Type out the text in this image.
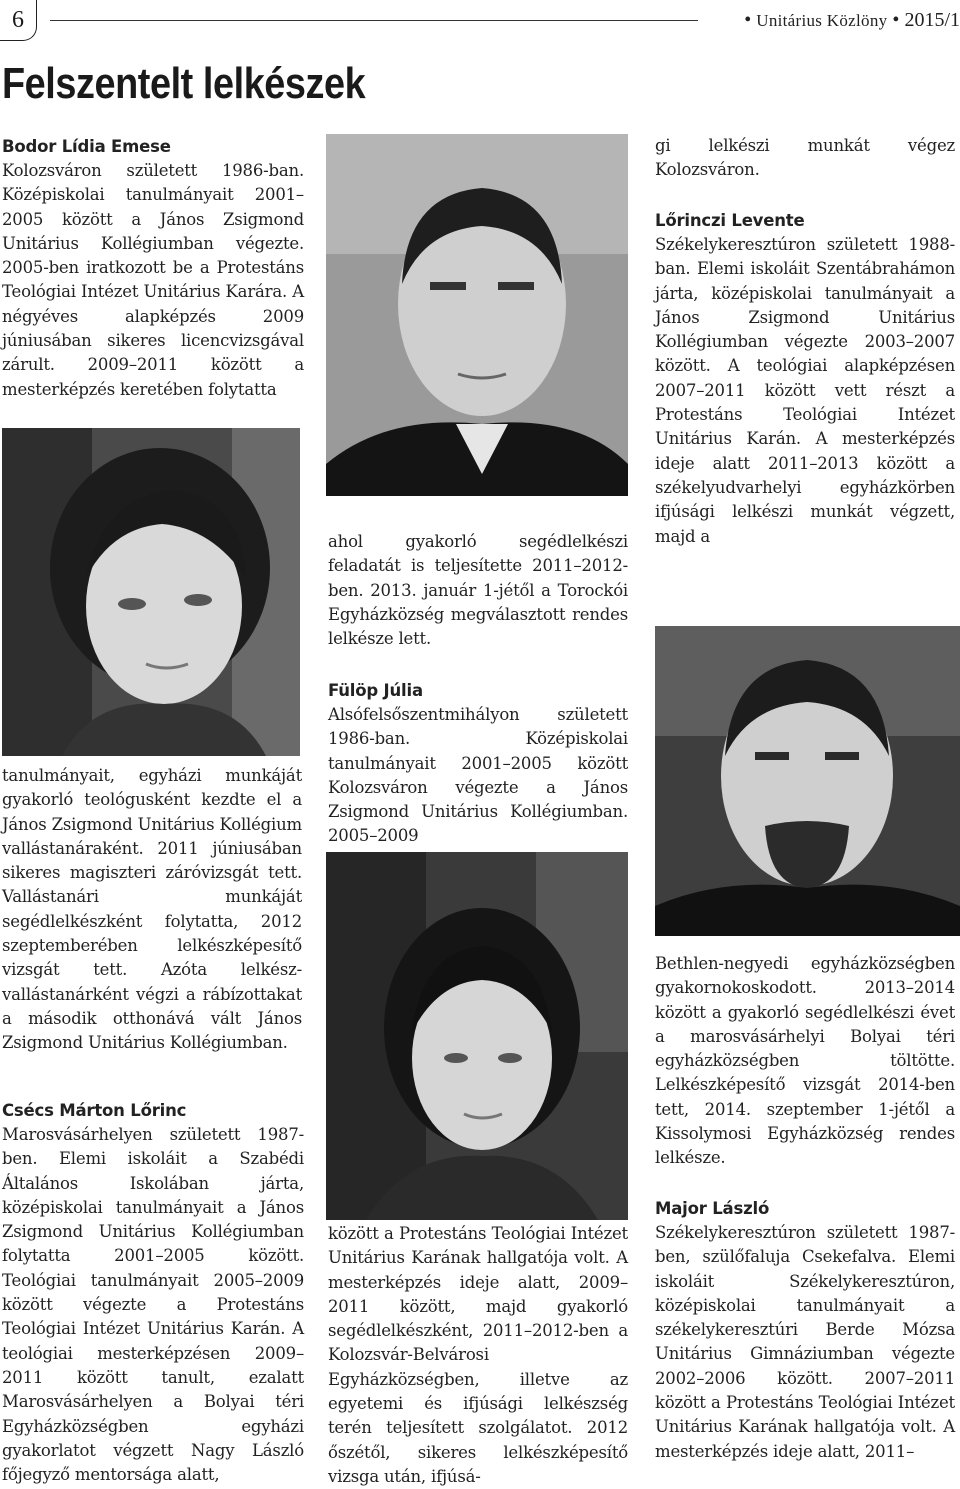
6	• Unitárius Közlöny • 2015/1
Felszentelt lelkészek

Bodor Lídia Emese

Kolozsváron született 1986-ban. Középiskolai tanulmányait 2001–2005 között a János Zsigmond Unitárius Kollégiumban végezte. 2005-ben iratkozott be a Protestáns Teológiai Intézet Unitárius Karára. A négyéves alapképzés 2009 júniusában sikeres licencvizsgával zárult. 2009–2011 között a mesterképzés keretében folytatta

tanulmányait, egyházi munkáját gyakorló teológusként kezdte el a János Zsigmond Unitárius Kollégium vallástanáraként. 2011 júniusában sikeres magiszteri záróvizsgát tett. Vallástanári munkáját segédlelkészként folytatta, 2012 szeptemberében lelkészképesítő vizsgát tett. Azóta lelkész-vallástanárként végzi a rábízottakat a második otthonává vált János Zsigmond Unitárius Kollégiumban.

Csécs Márton Lőrinc

Marosvásárhelyen született 1987-ben. Elemi iskoláit a Szabédi Általános Iskolában járta, középiskolai tanulmányait a János Zsigmond Unitárius Kollégiumban folytatta 2001–2005 között. Teológiai tanulmányait 2005–2009 között végezte a Protestáns Teológiai Intézet Unitárius Karán. A teológiai mesterképzésen 2009–2011 között tanult, ezalatt Marosvásárhelyen a Bolyai téri Egyházközségben egyházi gyakorlatot végzett Nagy László főjegyző mentorsága alatt,

ahol gyakorló segédlelkészi feladatát is teljesítette 2011–2012-ben. 2013. január 1-jétől a Torockói Egyházközség megválasztott rendes lelkésze lett.

Fülöp Júlia

Alsófelsőszentmihályon született 1986-ban. Középiskolai tanulmányait 2001–2005 között Kolozsváron végezte a János Zsigmond Unitárius Kollégiumban. 2005–2009

között a Protestáns Teológiai Intézet Unitárius Karának hallgatója volt. A mesterképzés ideje alatt, 2009–2011 között, majd gyakorló segédlelkészként, 2011–2012-ben a Kolozsvár-Belvárosi Egyházközségben, illetve az egyetemi és ifjúsági lelkészség terén teljesített szolgálatot. 2012 őszétől, sikeres lelkészképesítő vizsga után, ifjúsá-

gi lelkészi munkát végez Kolozsváron.

Lőrinczi Levente

Székelykeresztúron született 1988-ban. Elemi iskoláit Szentábrahámon járta, középiskolai tanulmányait a János Zsigmond Unitárius Kollégiumban végezte 2003–2007 között. A teológiai alapképzésen 2007–2011 között vett részt a Protestáns Teológiai Intézet Unitárius Karán. A mesterképzés ideje alatt 2011–2013 között a székelyudvarhelyi egyházkörben ifjúsági lelkészi munkát végzett, majd a

Bethlen-negyedi egyházközségben gyakornokoskodott. 2013–2014 között a gyakorló segédlelkészi évet a marosvásárhelyi Bolyai téri egyházközségben töltötte. Lelkészképesítő vizsgát 2014-ben tett, 2014. szeptember 1-jétől a Kissolymosi Egyházközség rendes lelkésze.

Major László

Székelykeresztúron született 1987-ben, szülőfaluja Csekefalva. Elemi iskoláit Székelykeresztúron, középiskolai tanulmányait a székelykeresztúri Berde Mózsa Unitárius Gimnáziumban végezte 2002–2006 között. 2007–2011 között a Protestáns Teológiai Intézet Unitárius Karának hallgatója volt. A mesterképzés ideje alatt, 2011–
